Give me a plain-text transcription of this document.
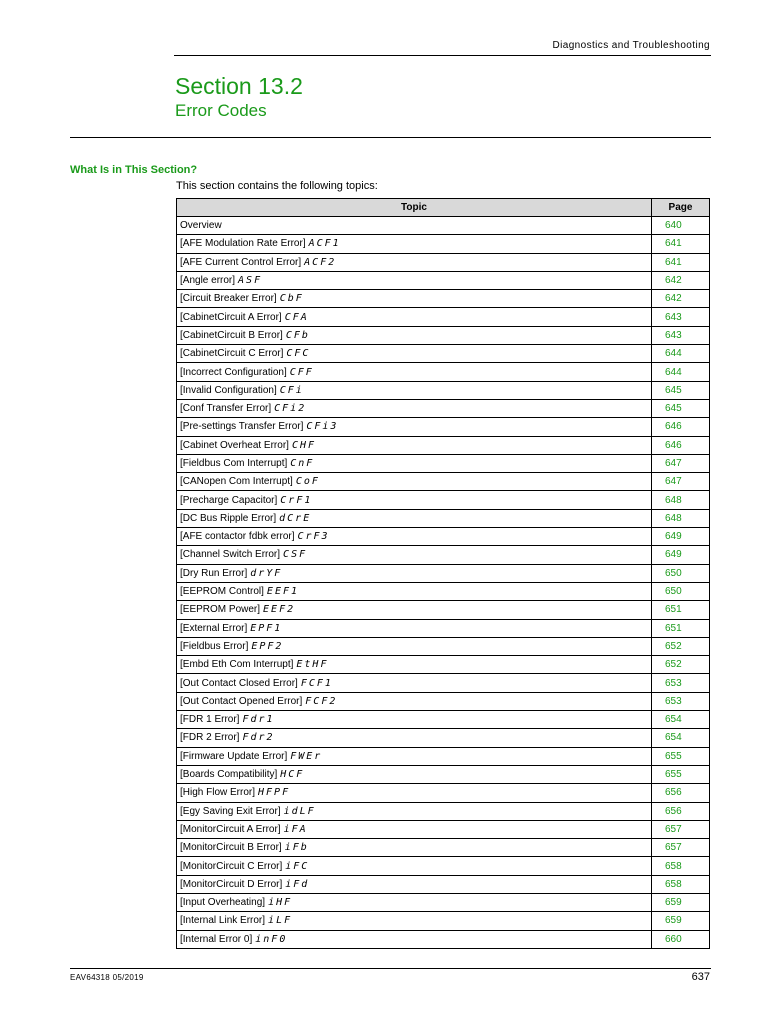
Diagnostics and Troubleshooting
Section 13.2
Error Codes
What Is in This Section?
This section contains the following topics:
Topic	Page
Overview	640
[AFE Modulation Rate Error] ACF1	641
[AFE Current Control Error] ACF2	641
[Angle error] ASF	642
[Circuit Breaker Error] CbF	642
[CabinetCircuit A Error] CFA	643
[CabinetCircuit B Error] CFb	643
[CabinetCircuit C Error] CFC	644
[Incorrect Configuration] CFF	644
[Invalid Configuration] CFi	645
[Conf Transfer Error] CFi2	645
[Pre-settings Transfer Error] CFi3	646
[Cabinet Overheat Error] CHF	646
[Fieldbus Com Interrupt] CnF	647
[CANopen Com Interrupt] CoF	647
[Precharge Capacitor] CrF1	648
[DC Bus Ripple Error] dCrE	648
[AFE contactor fdbk error] CrF3	649
[Channel Switch Error] CSF	649
[Dry Run Error] drYF	650
[EEPROM Control] EEF1	650
[EEPROM Power] EEF2	651
[External Error] EPF1	651
[Fieldbus Error] EPF2	652
[Embd Eth Com Interrupt] EtHF	652
[Out Contact Closed Error] FCF1	653
[Out Contact Opened Error] FCF2	653
[FDR 1 Error] Fdr1	654
[FDR 2 Error] Fdr2	654
[Firmware Update Error] FWEr	655
[Boards Compatibility] HCF	655
[High Flow Error] HFPF	656
[Egy Saving Exit Error] idLF	656
[MonitorCircuit A Error] iFA	657
[MonitorCircuit B Error] iFb	657
[MonitorCircuit C Error] iFC	658
[MonitorCircuit D Error] iFd	658
[Input Overheating] iHF	659
[Internal Link Error] iLF	659
[Internal Error 0] inF0	660
EAV64318 05/2019	637
